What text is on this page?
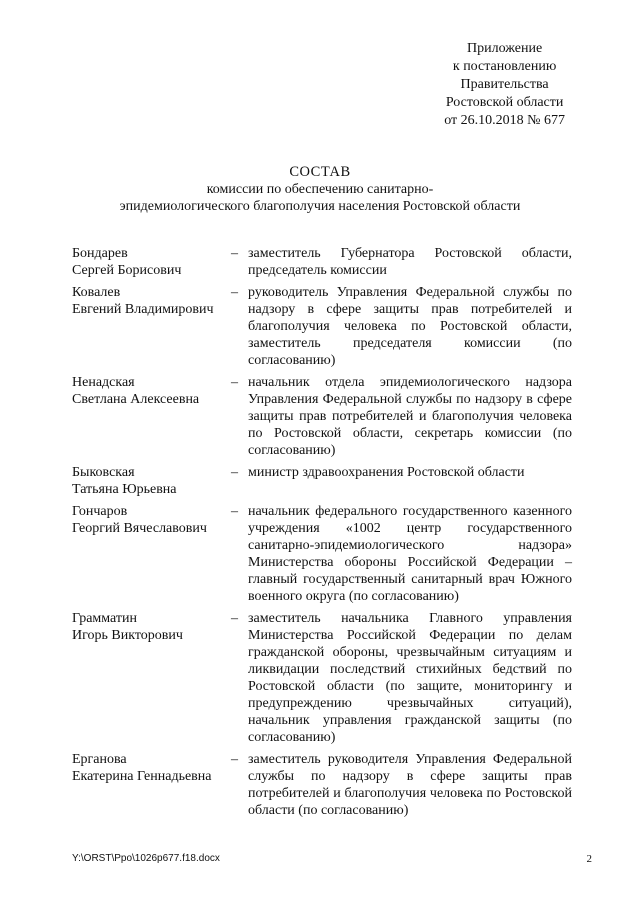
Приложение
к постановлению
Правительства
Ростовской области
от 26.10.2018 № 677
СОСТАВ
комиссии по обеспечению санитарно-
эпидемиологического благополучия населения Ростовской области
Бондарев
Сергей Борисович
– заместитель Губернатора Ростовской области, председатель комиссии
Ковалев
Евгений Владимирович
– руководитель Управления Федеральной службы по надзору в сфере защиты прав потребителей и благополучия человека по Ростовской области, заместитель председателя комиссии (по согласованию)
Ненадская
Светлана Алексеевна
– начальник отдела эпидемиологического надзора Управления Федеральной службы по надзору в сфере защиты прав потребителей и благополучия человека по Ростовской области, секретарь комиссии (по согласованию)
Быковская
Татьяна Юрьевна
– министр здравоохранения Ростовской области
Гончаров
Георгий Вячеславович
– начальник федерального государственного казенного учреждения «1002 центр государственного санитарно-эпидемиологического надзора» Министерства обороны Российской Федерации – главный государственный санитарный врач Южного военного округа (по согласованию)
Грамматин
Игорь Викторович
– заместитель начальника Главного управления Министерства Российской Федерации по делам гражданской обороны, чрезвычайным ситуациям и ликвидации последствий стихийных бедствий по Ростовской области (по защите, мониторингу и предупреждению чрезвычайных ситуаций), начальник управления гражданской защиты (по согласованию)
Ерганова
Екатерина Геннадьевна
– заместитель руководителя Управления Федеральной службы по надзору в сфере защиты прав потребителей и благополучия человека по Ростовской области (по согласованию)
Y:\ORST\Ppo\1026p677.f18.docx	2
